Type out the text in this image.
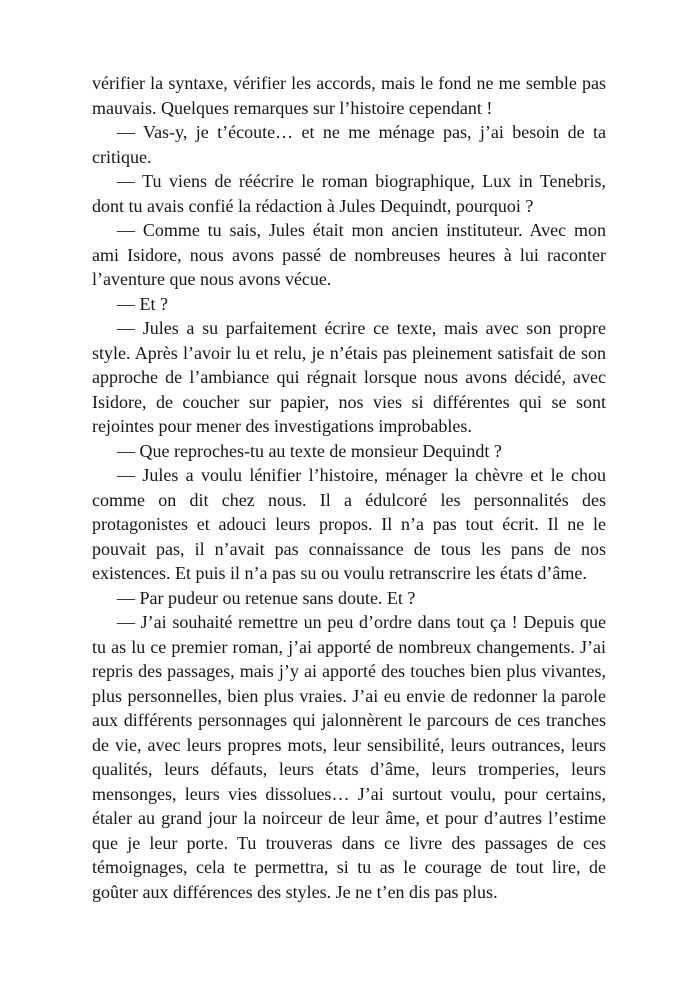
vérifier la syntaxe, vérifier les accords, mais le fond ne me semble pas
mauvais. Quelques remarques sur l’histoire cependant !
— Vas-y, je t’écoute… et ne me ménage pas, j’ai besoin de ta
critique.
— Tu viens de réécrire le roman biographique, Lux in Tenebris,
dont tu avais confié la rédaction à Jules Dequindt, pourquoi ?
— Comme tu sais, Jules était mon ancien instituteur. Avec mon
ami Isidore, nous avons passé de nombreuses heures à lui raconter
l’aventure que nous avons vécue.
— Et ?
— Jules a su parfaitement écrire ce texte, mais avec son propre
style. Après l’avoir lu et relu, je n’étais pas pleinement satisfait de son
approche de l’ambiance qui régnait lorsque nous avons décidé, avec
Isidore, de coucher sur papier, nos vies si différentes qui se sont
rejointes pour mener des investigations improbables.
— Que reproches-tu au texte de monsieur Dequindt ?
— Jules a voulu lénifier l’histoire, ménager la chèvre et le chou
comme on dit chez nous. Il a édulcoré les personnalités des
protagonistes et adouci leurs propos. Il n’a pas tout écrit. Il ne le
pouvait pas, il n’avait pas connaissance de tous les pans de nos
existences. Et puis il n’a pas su ou voulu retranscrire les états d’âme.
— Par pudeur ou retenue sans doute. Et ?
— J’ai souhaité remettre un peu d’ordre dans tout ça ! Depuis que
tu as lu ce premier roman, j’ai apporté de nombreux changements. J’ai
repris des passages, mais j’y ai apporté des touches bien plus vivantes,
plus personnelles, bien plus vraies. J’ai eu envie de redonner la parole
aux différents personnages qui jalonnèrent le parcours de ces tranches
de vie, avec leurs propres mots, leur sensibilité, leurs outrances, leurs
qualités, leurs défauts, leurs états d’âme, leurs tromperies, leurs
mensonges, leurs vies dissolues… J’ai surtout voulu, pour certains,
étaler au grand jour la noirceur de leur âme, et pour d’autres l’estime
que je leur porte. Tu trouveras dans ce livre des passages de ces
témoignages, cela te permettra, si tu as le courage de tout lire, de
goûter aux différences des styles. Je ne t’en dis pas plus.
